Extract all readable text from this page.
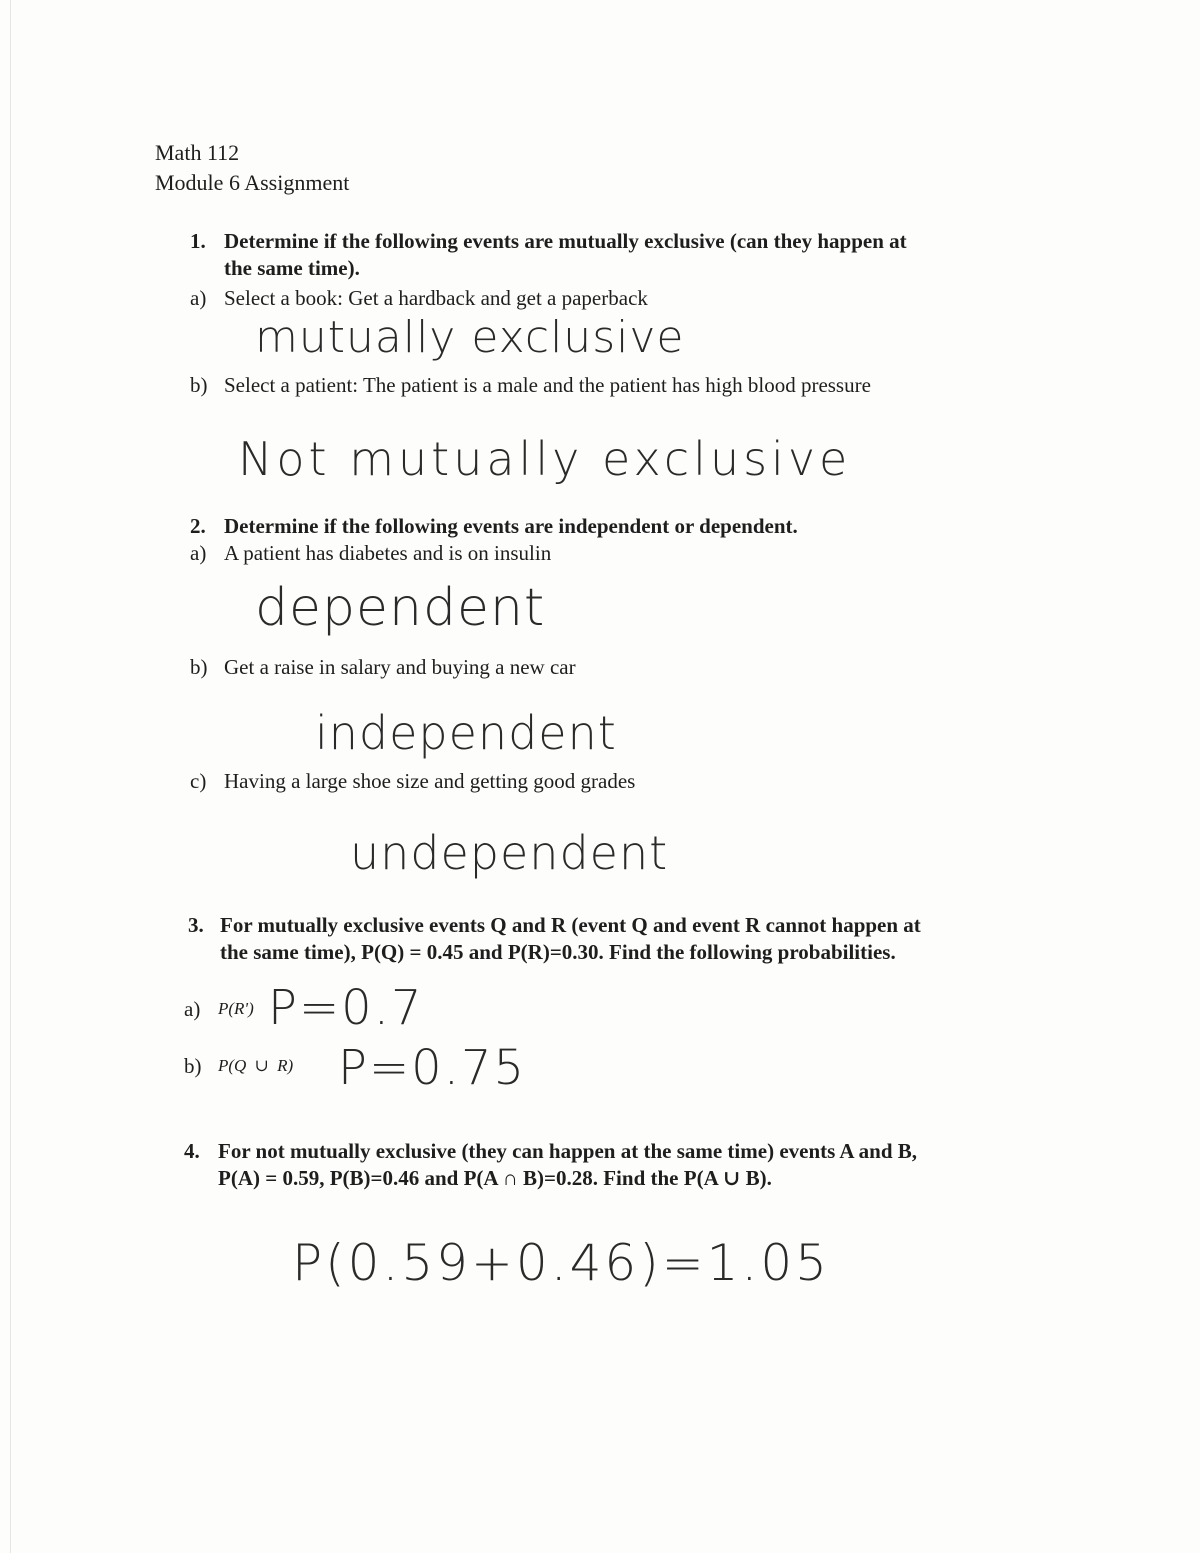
Math 112
Module 6 Assignment
1. Determine if the following events are mutually exclusive (can they happen at
the same time).
a) Select a book: Get a hardback and get a paperback
mutually exclusive
b) Select a patient: The patient is a male and the patient has high blood pressure
Not mutually exclusive
2. Determine if the following events are independent or dependent.
a) A patient has diabetes and is on insulin
dependent
b) Get a raise in salary and buying a new car
independent
c) Having a large shoe size and getting good grades
undependent
3. For mutually exclusive events Q and R (event Q and event R cannot happen at
the same time), P(Q) = 0.45 and P(R)=0.30. Find the following probabilities.
a) P(R') P=0.7
b) P(Q ∪ R) P=0.75
4. For not mutually exclusive (they can happen at the same time) events A and B,
P(A) = 0.59, P(B)=0.46 and P(A ∩ B)=0.28. Find the P(A ∪ B).
P(0.59+0.46)=1.05
